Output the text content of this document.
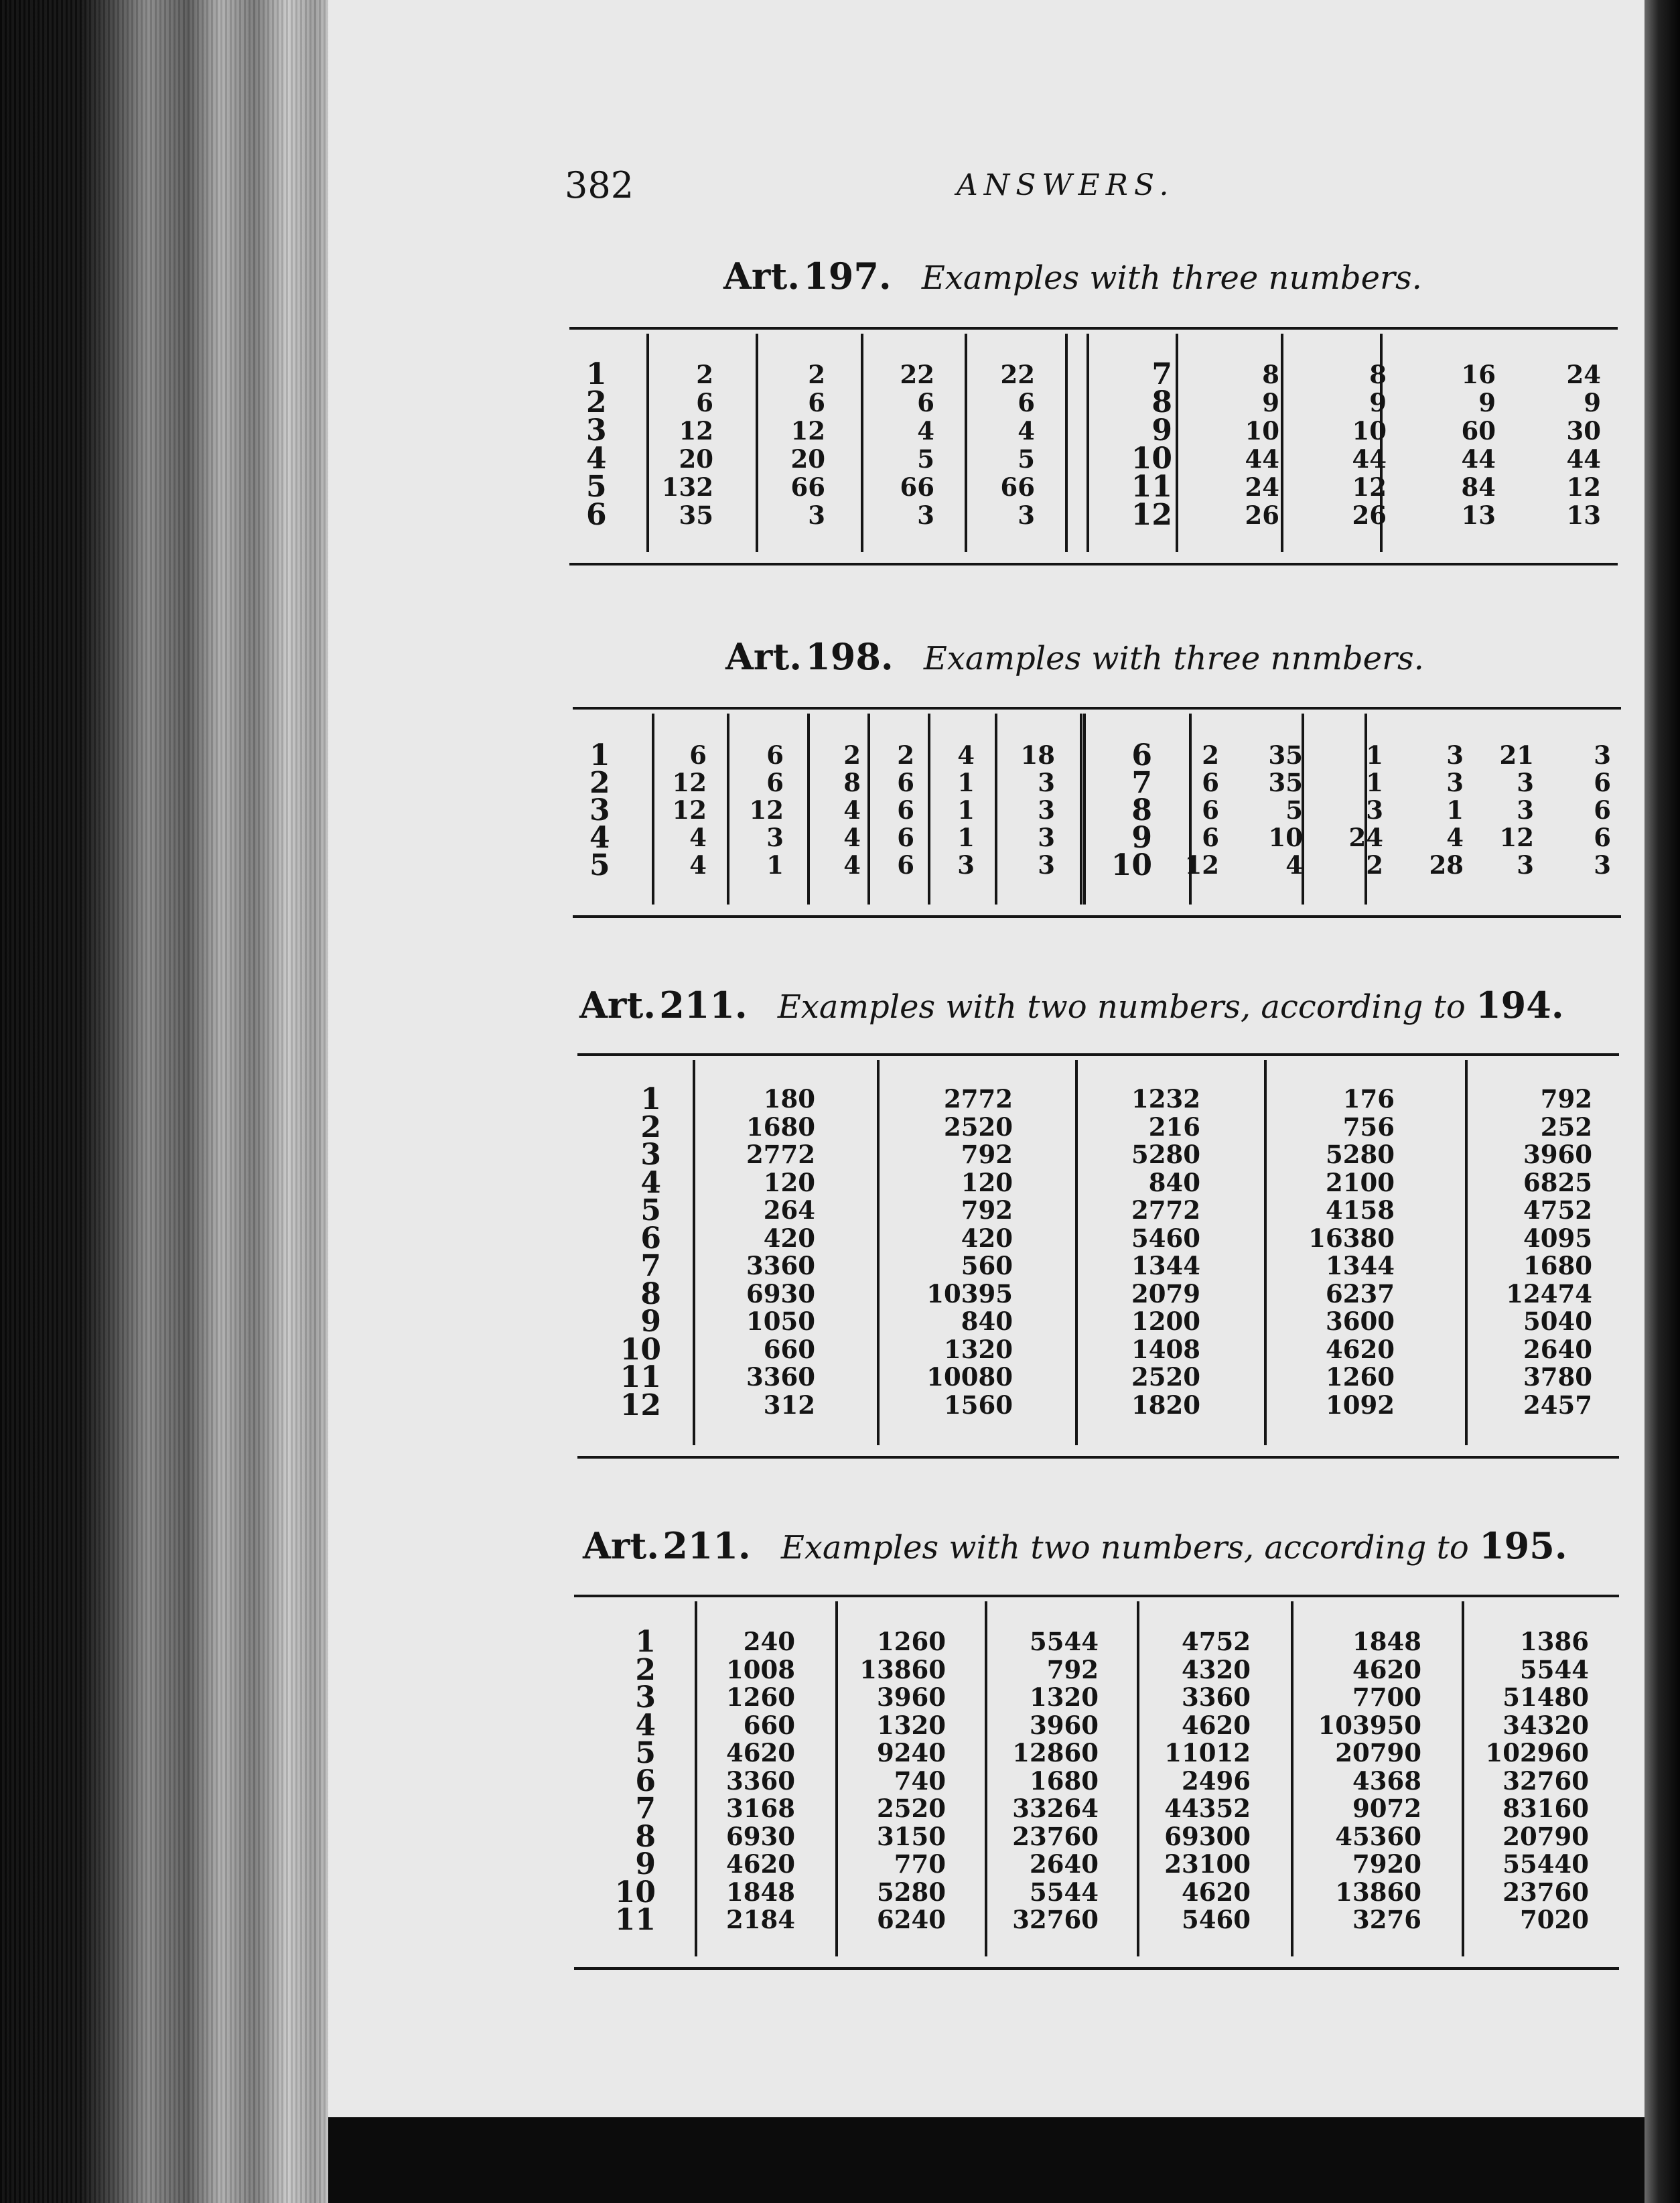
382	ANSWERS.
Art. 197. Examples with three numbers.
1
2
3
4
5
6
2
6
12
20
132
35
2
6
12
20
66
3
22
6
4
5
66
3
22
6
4
5
66
3
7
8
9
10
11
12
8
9
10
44
24
26
8
9
10
44
12
26
16
9
60
44
84
13
24
9
30
44
12
13
Art. 198. Examples with three nnmbers.
1
2
3
4
5
6
12
12
4
4
6
6
12
3
1
2
8
4
4
4
2
6
6
6
6
4
1
1
1
3
18
3
3
3
3
6
7
8
9
10
2
6
6
6
12
35
35
5
10
4
1
1
3
24
2
3
3
1
4
28
21
3
3
12
3
3
6
6
6
3
Art. 211. Examples with two numbers, according to 194.
1
2
3
4
5
6
7
8
9
10
11
12
180
1680
2772
120
264
420
3360
6930
1050
660
3360
312
2772
2520
792
120
792
420
560
10395
840
1320
10080
1560
1232
216
5280
840
2772
5460
1344
2079
1200
1408
2520
1820
176
756
5280
2100
4158
16380
1344
6237
3600
4620
1260
1092
792
252
3960
6825
4752
4095
1680
12474
5040
2640
3780
2457
Art. 211. Examples with two numbers, according to 195.
1
2
3
4
5
6
7
8
9
10
11
240
1008
1260
660
4620
3360
3168
6930
4620
1848
2184
1260
13860
3960
1320
9240
740
2520
3150
770
5280
6240
5544
792
1320
3960
12860
1680
33264
23760
2640
5544
32760
4752
4320
3360
4620
11012
2496
44352
69300
23100
4620
5460
1848
4620
7700
103950
20790
4368
9072
45360
7920
13860
3276
1386
5544
51480
34320
102960
32760
83160
20790
55440
23760
7020
